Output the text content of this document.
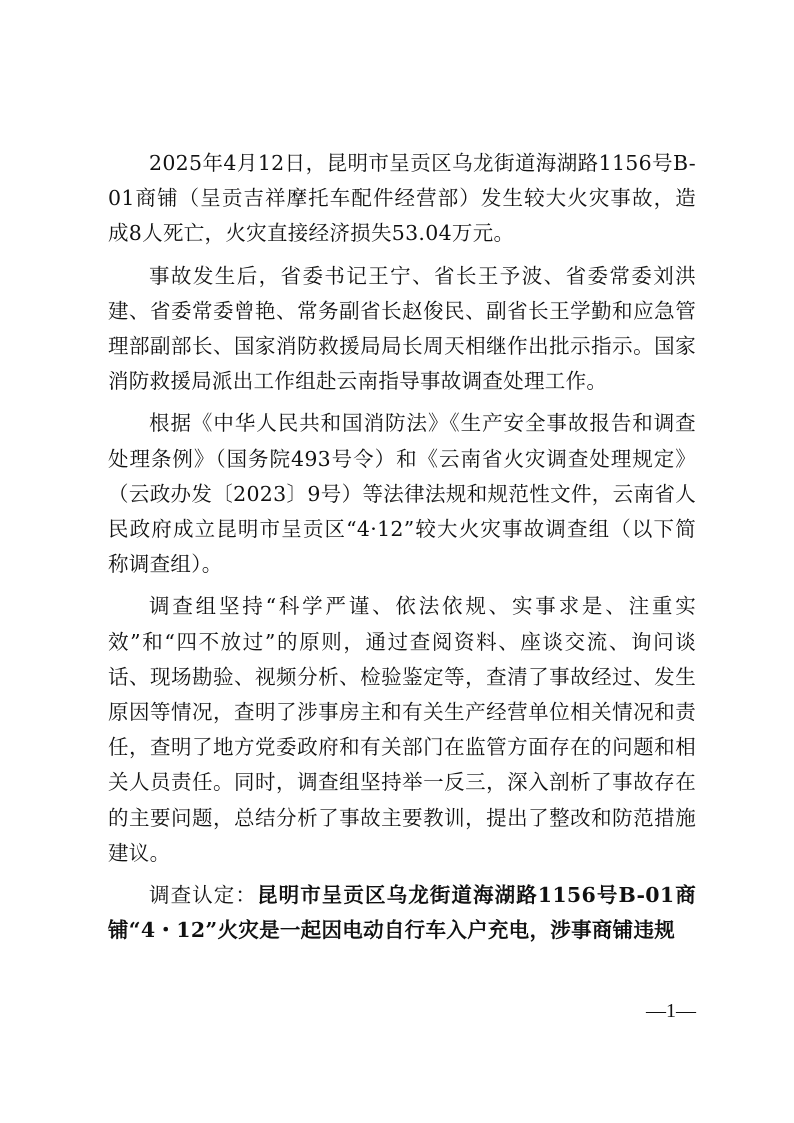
2025年4月12日，昆明市呈贡区乌龙街道海湖路1156号B-01商铺（呈贡吉祥摩托车配件经营部）发生较大火灾事故，造成8人死亡，火灾直接经济损失53.04万元。

事故发生后，省委书记王宁、省长王予波、省委常委刘洪建、省委常委曾艳、常务副省长赵俊民、副省长王学勤和应急管理部副部长、国家消防救援局局长周天相继作出批示指示。国家消防救援局派出工作组赴云南指导事故调查处理工作。

根据《中华人民共和国消防法》《生产安全事故报告和调查处理条例》（国务院493号令）和《云南省火灾调查处理规定》（云政办发〔2023〕9号）等法律法规和规范性文件，云南省人民政府成立昆明市呈贡区“4·12”较大火灾事故调查组（以下简称调查组）。

调查组坚持“科学严谨、依法依规、实事求是、注重实效”和“四不放过”的原则，通过查阅资料、座谈交流、询问谈话、现场勘验、视频分析、检验鉴定等，查清了事故经过、发生原因等情况，查明了涉事房主和有关生产经营单位相关情况和责任，查明了地方党委政府和有关部门在监管方面存在的问题和相关人员责任。同时，调查组坚持举一反三，深入剖析了事故存在的主要问题，总结分析了事故主要教训，提出了整改和防范措施建议。

调查认定：昆明市呈贡区乌龙街道海湖路1156号B-01商铺“4・12”火灾是一起因电动自行车入户充电，涉事商铺违规

—1—
